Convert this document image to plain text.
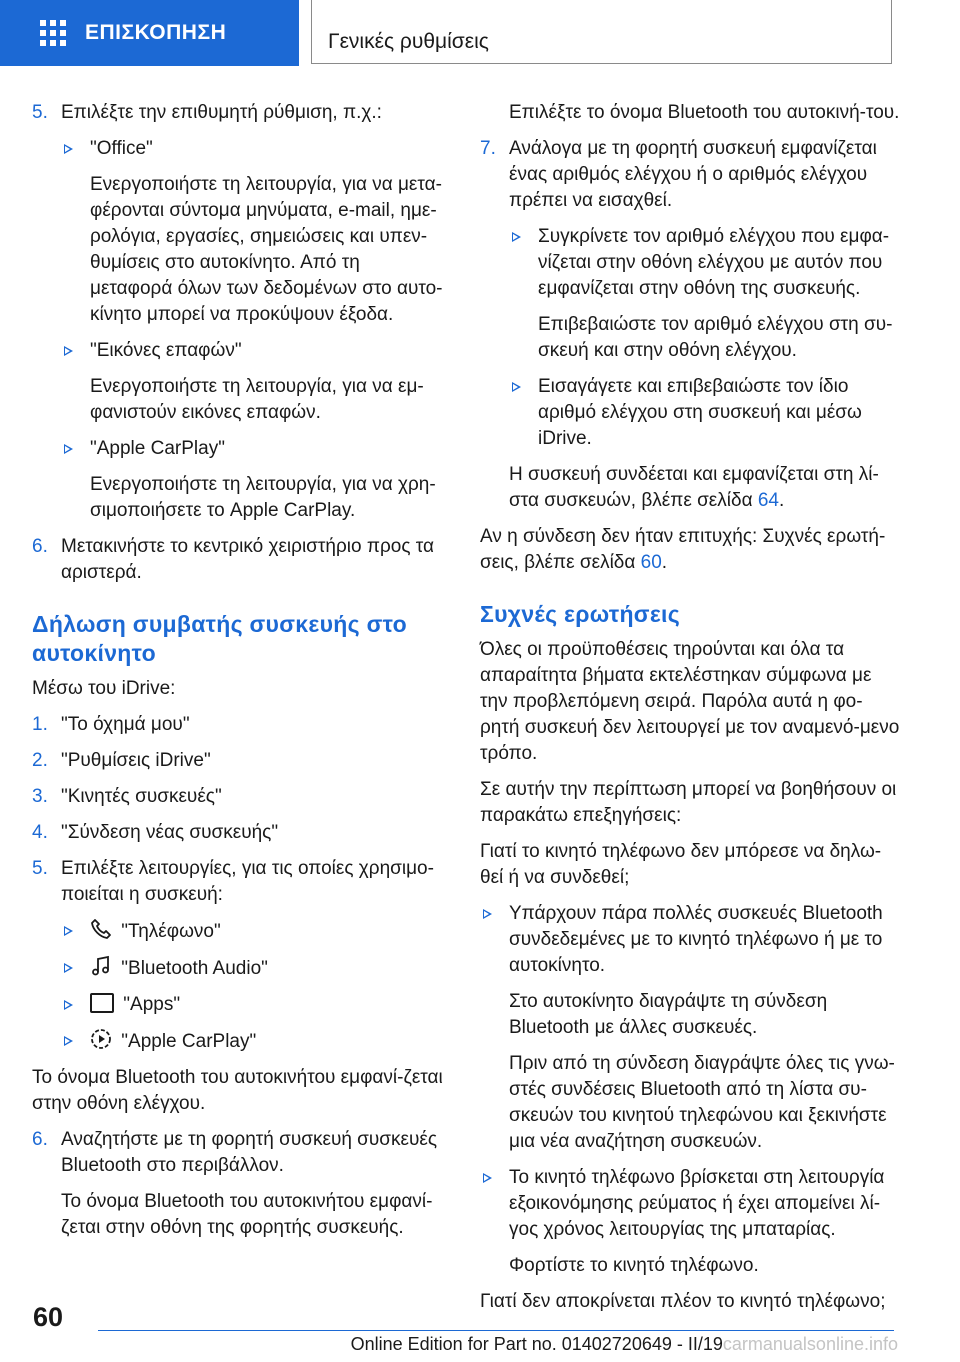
ΕΠΙΣΚΟΠΗΣΗ	Γενικές ρυθμίσεις
5. Επιλέξτε την επιθυμητή ρύθμιση, π.χ.:
"Office"
Ενεργοποιήστε τη λειτουργία, για να μετα-φέρονται σύντομα μηνύματα, e-mail, ημε-ρολόγια, εργασίες, σημειώσεις και υπεν-θυμίσεις στο αυτοκίνητο. Από τη μεταφορά όλων των δεδομένων στο αυτο-κίνητο μπορεί να προκύψουν έξοδα.
"Εικόνες επαφών"
Ενεργοποιήστε τη λειτουργία, για να εμ-φανιστούν εικόνες επαφών.
"Apple CarPlay"
Ενεργοποιήστε τη λειτουργία, για να χρη-σιμοποιήσετε το Apple CarPlay.
6. Μετακινήστε το κεντρικό χειριστήριο προς τα αριστερά.
Δήλωση συμβατής συσκευής στο αυτοκίνητο
Μέσω του iDrive:
1. "Το όχημά μου"
2. "Ρυθμίσεις iDrive"
3. "Κινητές συσκευές"
4. "Σύνδεση νέας συσκευής"
5. Επιλέξτε λειτουργίες, για τις οποίες χρησιμο-ποιείται η συσκευή:
"Τηλέφωνο"
"Bluetooth Audio"
"Apps"
"Apple CarPlay"
Το όνομα Bluetooth του αυτοκινήτου εμφανί-ζεται στην οθόνη ελέγχου.
6. Αναζητήστε με τη φορητή συσκευή συσκευές Bluetooth στο περιβάλλον.
Το όνομα Bluetooth του αυτοκινήτου εμφανί-ζεται στην οθόνη της φορητής συσκευής.
Επιλέξτε το όνομα Bluetooth του αυτοκινή-του.
7. Ανάλογα με τη φορητή συσκευή εμφανίζεται ένας αριθμός ελέγχου ή ο αριθμός ελέγχου πρέπει να εισαχθεί.
Συγκρίνετε τον αριθμό ελέγχου που εμφα-νίζεται στην οθόνη ελέγχου με αυτόν που εμφανίζεται στην οθόνη της συσκευής.
Επιβεβαιώστε τον αριθμό ελέγχου στη συ-σκευή και στην οθόνη ελέγχου.
Εισαγάγετε και επιβεβαιώστε τον ίδιο αριθμό ελέγχου στη συσκευή και μέσω iDrive.
Η συσκευή συνδέεται και εμφανίζεται στη λί-στα συσκευών, βλέπε σελίδα 64.
Αν η σύνδεση δεν ήταν επιτυχής: Συχνές ερωτή-σεις, βλέπε σελίδα 60.
Συχνές ερωτήσεις
Όλες οι προϋποθέσεις τηρούνται και όλα τα απαραίτητα βήματα εκτελέστηκαν σύμφωνα με την προβλεπόμενη σειρά. Παρόλα αυτά η φο-ρητή συσκευή δεν λειτουργεί με τον αναμενό-μενο τρόπο.
Σε αυτήν την περίπτωση μπορεί να βοηθήσουν οι παρακάτω επεξηγήσεις:
Γιατί το κινητό τηλέφωνο δεν μπόρεσε να δηλω-θεί ή να συνδεθεί;
Υπάρχουν πάρα πολλές συσκευές Bluetooth συνδεδεμένες με το κινητό τηλέφωνο ή με το αυτοκίνητο.
Στο αυτοκίνητο διαγράψτε τη σύνδεση Bluetooth με άλλες συσκευές.
Πριν από τη σύνδεση διαγράψτε όλες τις γνω-στές συνδέσεις Bluetooth από τη λίστα συ-σκευών του κινητού τηλεφώνου και ξεκινήστε μια νέα αναζήτηση συσκευών.
Το κινητό τηλέφωνο βρίσκεται στη λειτουργία εξοικονόμησης ρεύματος ή έχει απομείνει λί-γος χρόνος λειτουργίας της μπαταρίας.
Φορτίστε το κινητό τηλέφωνο.
Γιατί δεν αποκρίνεται πλέον το κινητό τηλέφωνο;
60
Online Edition for Part no. 01402720649 - II/19carmanualsonline.info
